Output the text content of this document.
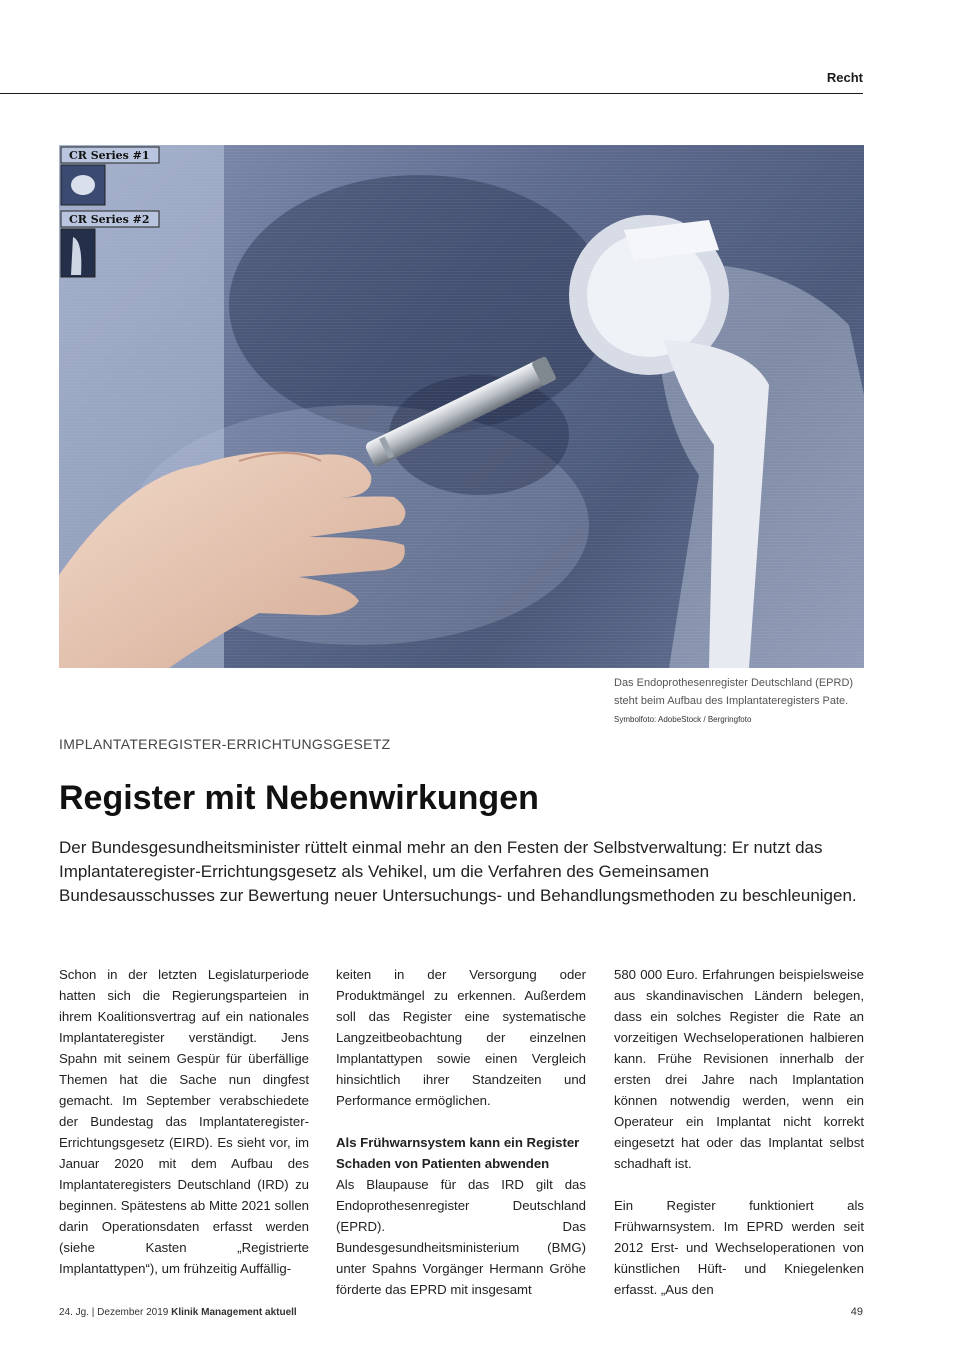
Recht
CR Series #1
CR Series #2
Das Endoprothesenregister Deutschland (EPRD) steht beim Aufbau des Implantateregisters Pate. Symbolfoto: AdobeStock / Bergringfoto
IMPLANTATEREGISTER-ERRICHTUNGSGESETZ
Register mit Nebenwirkungen
Der Bundesgesundheitsminister rüttelt einmal mehr an den Festen der Selbstverwaltung: Er nutzt das Implantateregister-Errichtungsgesetz als Vehikel, um die Verfahren des Gemeinsamen Bundesausschusses zur Bewertung neuer Untersuchungs- und Behandlungsmethoden zu beschleunigen.

Schon in der letzten Legislaturperiode hatten sich die Regierungsparteien in ihrem Koalitionsvertrag auf ein nationales Implantateregister verständigt. Jens Spahn mit seinem Gespür für überfällige Themen hat die Sache nun dingfest gemacht. Im September verabschiedete der Bundestag das Implantateregister-Errichtungsgesetz (EIRD). Es sieht vor, im Januar 2020 mit dem Aufbau des Implantateregisters Deutschland (IRD) zu beginnen. Spätestens ab Mitte 2021 sollen darin Operationsdaten erfasst werden (siehe Kasten „Registrierte Implantattypen“), um frühzeitig Auffällig-

keiten in der Versorgung oder Produktmängel zu erkennen. Außerdem soll das Register eine systematische Langzeitbeobachtung der einzelnen Implantattypen sowie einen Vergleich hinsichtlich ihrer Standzeiten und Performance ermöglichen.

Als Frühwarnsystem kann ein Register Schaden von Patienten abwenden

Als Blaupause für das IRD gilt das Endoprothesenregister Deutschland (EPRD). Das Bundesgesundheitsministerium (BMG) unter Spahns Vorgänger Hermann Gröhe förderte das EPRD mit insgesamt

580 000 Euro. Erfahrungen beispielsweise aus skandinavischen Ländern belegen, dass ein solches Register die Rate an vorzeitigen Wechseloperationen halbieren kann. Frühe Revisionen innerhalb der ersten drei Jahre nach Implantation können notwendig werden, wenn ein Operateur ein Implantat nicht korrekt eingesetzt hat oder das Implantat selbst schadhaft ist.

Ein Register funktioniert als Frühwarnsystem. Im EPRD werden seit 2012 Erst- und Wechseloperationen von künstlichen Hüft- und Kniegelenken erfasst. „Aus den

24. Jg. | Dezember 2019 Klinik Management aktuell	49
